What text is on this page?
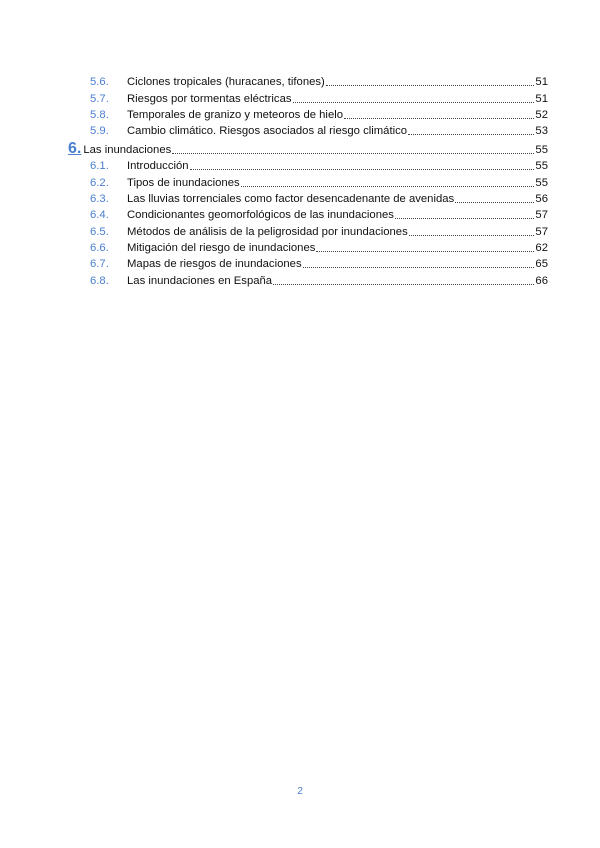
5.6.	Ciclones tropicales (huracanes, tifones)	51
5.7.	Riesgos por tormentas eléctricas	51
5.8.	Temporales de granizo y meteoros de hielo	52
5.9.	Cambio climático. Riesgos asociados al riesgo climático	53
6. Las inundaciones	55
6.1.	Introducción	55
6.2.	Tipos de inundaciones	55
6.3.	Las lluvias torrenciales como factor desencadenante de avenidas	56
6.4.	Condicionantes geomorfológicos de las inundaciones	57
6.5.	Métodos de análisis de la peligrosidad por inundaciones	57
6.6.	Mitigación del riesgo de inundaciones	62
6.7.	Mapas de riesgos de inundaciones	65
6.8.	Las inundaciones en España	66
2
